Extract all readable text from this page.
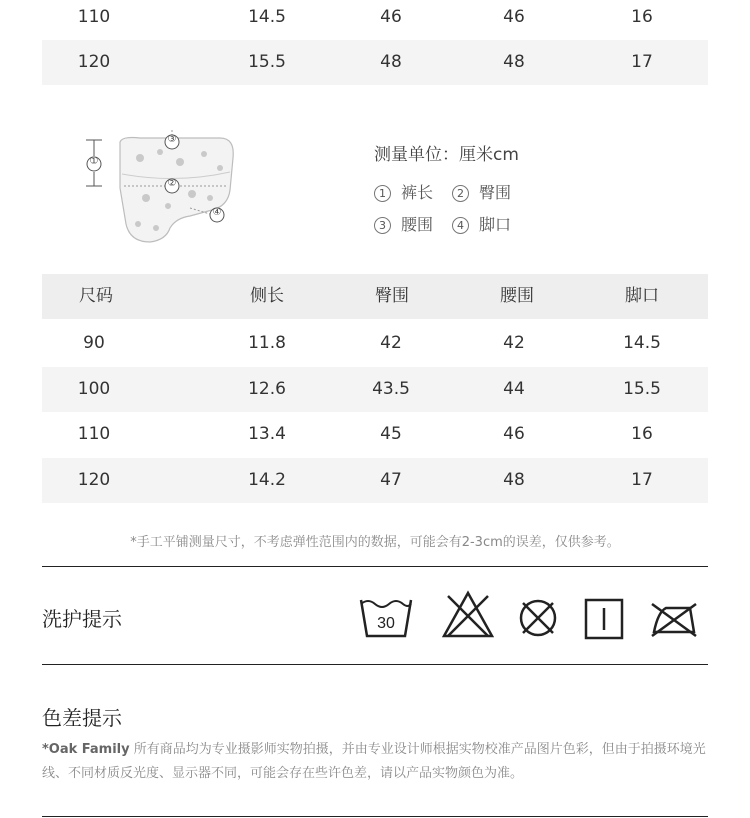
110	14.5	46	46	16
120	15.5	48	48	17
①
③
②
④
测量单位：厘米cm
1 裤长	2 臀围
3 腰围	4 脚口
尺码	侧长	臀围	腰围	脚口
90	11.8	42	42	14.5
100	12.6	43.5	44	15.5
110	13.4	45	46	16
120	14.2	47	48	17
*手工平铺测量尺寸，不考虑弹性范围内的数据，可能会有2-3cm的误差，仅供参考。
洗护提示	30
色差提示
*Oak Family 所有商品均为专业摄影师实物拍摄，并由专业设计师根据实物校准产品图片色彩，但由于拍摄环境光线、不同材质反光度、显示器不同，可能会存在些许色差，请以产品实物颜色为准。
